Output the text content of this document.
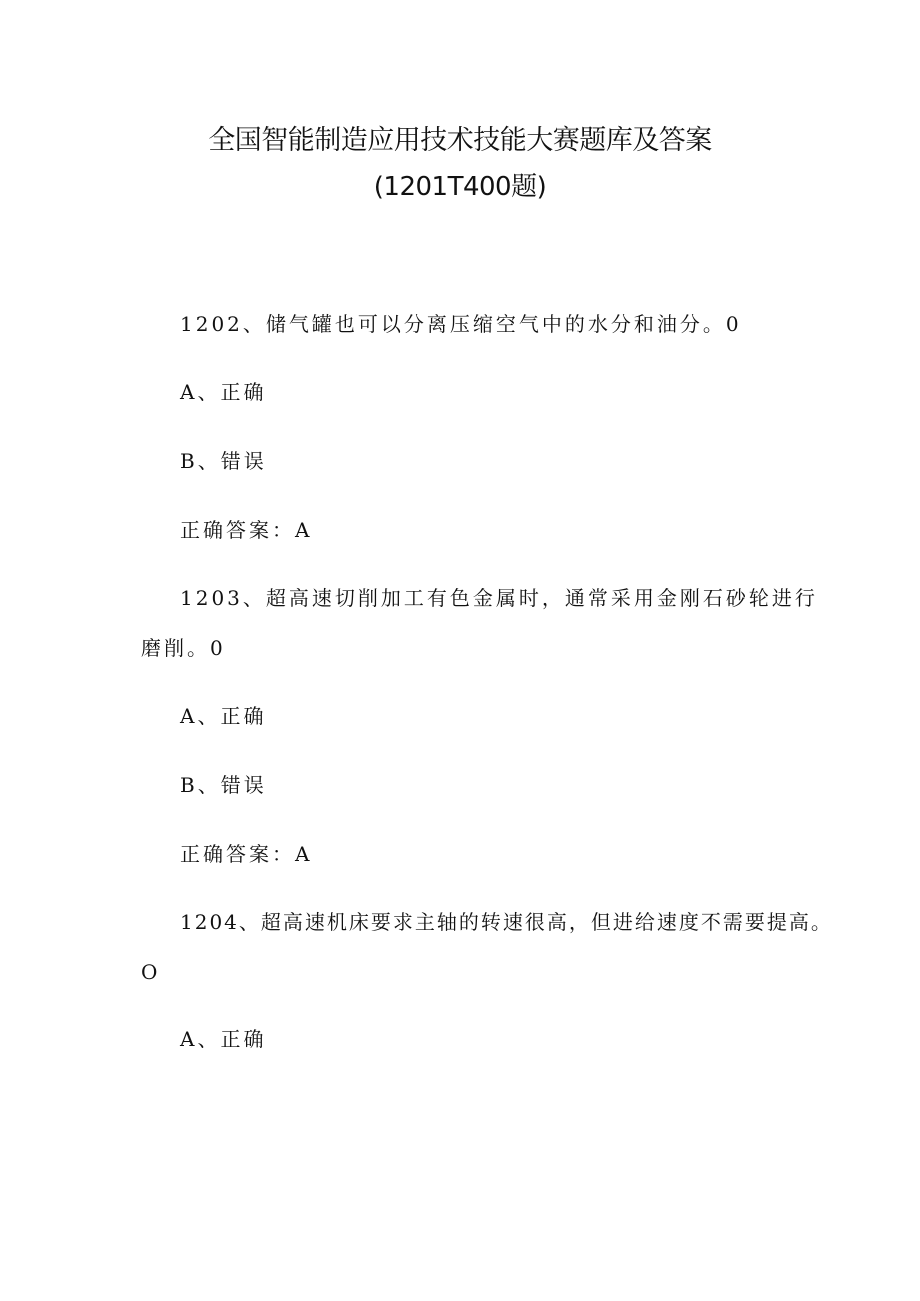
全国智能制造应用技术技能大赛题库及答案
(1201T400题)
1202、储气罐也可以分离压缩空气中的水分和油分。0
A、正确
B、错误
正确答案：A
1203、超高速切削加工有色金属时，通常采用金刚石砂轮进行
磨削。0
A、正确
B、错误
正确答案：A
1204、超高速机床要求主轴的转速很高，但进给速度不需要提高。
O
A、正确
